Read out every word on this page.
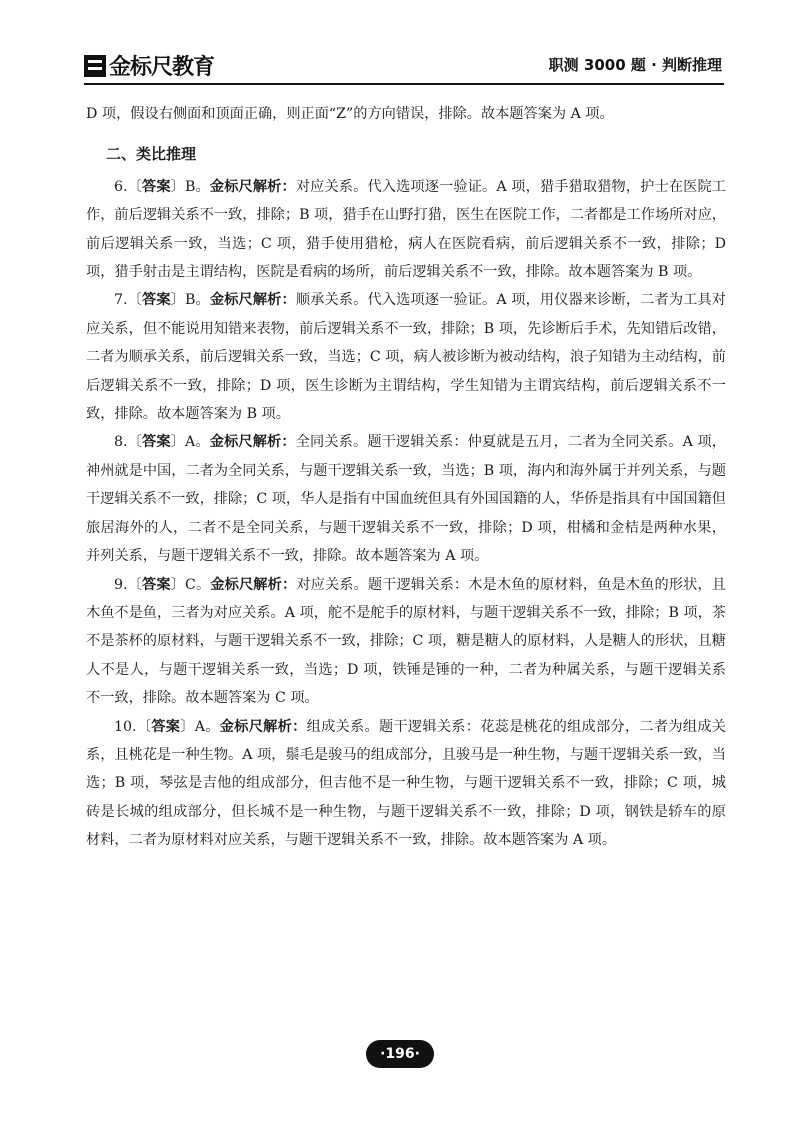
金标尺教育	职测 3000 题 · 判断推理

D 项，假设右侧面和顶面正确，则正面“Z”的方向错误，排除。故本题答案为 A 项。

二、类比推理

6.〔答案〕B。金标尺解析：对应关系。代入选项逐一验证。A 项，猎手猎取猎物，护士在医院工作，前后逻辑关系不一致，排除；B 项，猎手在山野打猎，医生在医院工作，二者都是工作场所对应，前后逻辑关系一致，当选；C 项，猎手使用猎枪，病人在医院看病，前后逻辑关系不一致，排除；D 项，猎手射击是主谓结构，医院是看病的场所，前后逻辑关系不一致，排除。故本题答案为 B 项。

7.〔答案〕B。金标尺解析：顺承关系。代入选项逐一验证。A 项，用仪器来诊断，二者为工具对应关系，但不能说用知错来表物，前后逻辑关系不一致，排除；B 项，先诊断后手术，先知错后改错，二者为顺承关系，前后逻辑关系一致，当选；C 项，病人被诊断为被动结构，浪子知错为主动结构，前后逻辑关系不一致，排除；D 项，医生诊断为主谓结构，学生知错为主谓宾结构，前后逻辑关系不一致，排除。故本题答案为 B 项。

8.〔答案〕A。金标尺解析：全同关系。题干逻辑关系：仲夏就是五月，二者为全同关系。A 项，神州就是中国，二者为全同关系，与题干逻辑关系一致，当选；B 项，海内和海外属于并列关系，与题干逻辑关系不一致，排除；C 项，华人是指有中国血统但具有外国国籍的人，华侨是指具有中国国籍但旅居海外的人，二者不是全同关系，与题干逻辑关系不一致，排除；D 项，柑橘和金桔是两种水果，并列关系，与题干逻辑关系不一致，排除。故本题答案为 A 项。

9.〔答案〕C。金标尺解析：对应关系。题干逻辑关系：木是木鱼的原材料，鱼是木鱼的形状，且木鱼不是鱼，三者为对应关系。A 项，舵不是舵手的原材料，与题干逻辑关系不一致，排除；B 项，茶不是茶杯的原材料，与题干逻辑关系不一致，排除；C 项，糖是糖人的原材料，人是糖人的形状，且糖人不是人，与题干逻辑关系一致，当选；D 项，铁锤是锤的一种，二者为种属关系，与题干逻辑关系不一致，排除。故本题答案为 C 项。

10.〔答案〕A。金标尺解析：组成关系。题干逻辑关系：花蕊是桃花的组成部分，二者为组成关系，且桃花是一种生物。A 项，鬃毛是骏马的组成部分，且骏马是一种生物，与题干逻辑关系一致，当选；B 项，琴弦是吉他的组成部分，但吉他不是一种生物，与题干逻辑关系不一致，排除；C 项，城砖是长城的组成部分，但长城不是一种生物，与题干逻辑关系不一致，排除；D 项，钢铁是轿车的原材料，二者为原材料对应关系，与题干逻辑关系不一致，排除。故本题答案为 A 项。

·196·
